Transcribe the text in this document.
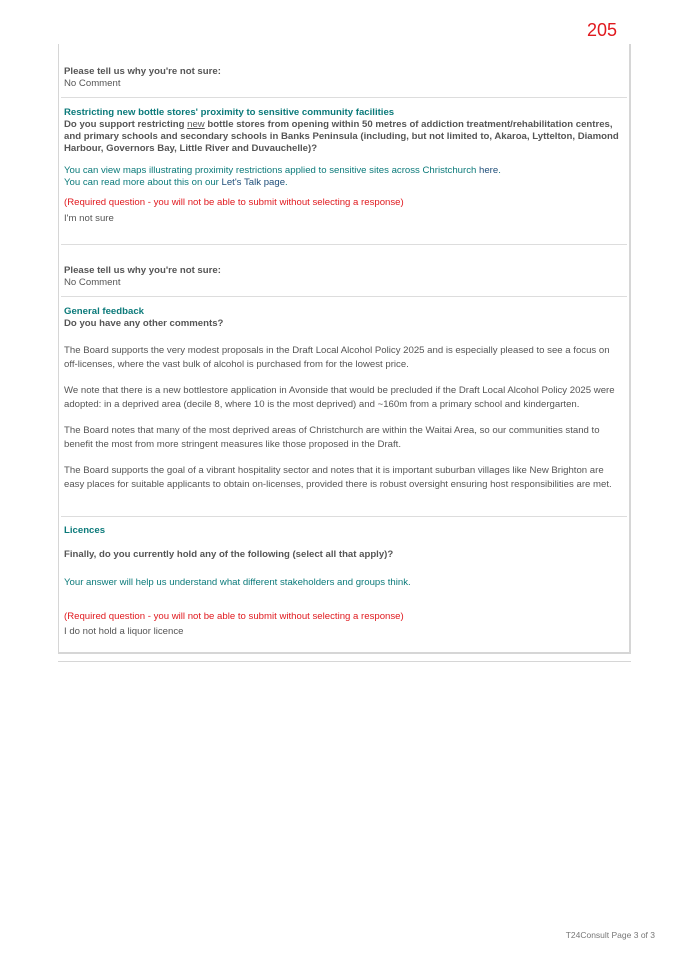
205

Please tell us why you're not sure:

No Comment

Restricting new bottle stores' proximity to sensitive community facilities

Do you support restricting new bottle stores from opening within 50 metres of addiction treatment/rehabilitation centres, and primary schools and secondary schools in Banks Peninsula (including, but not limited to, Akaroa, Lyttelton, Diamond Harbour, Governors Bay, Little River and Duvauchelle)?

You can view maps illustrating proximity restrictions applied to sensitive sites across Christchurch here.

You can read more about this on our Let's Talk page.

(Required question - you will not be able to submit without selecting a response)

I'm not sure

Please tell us why you're not sure:

No Comment

General feedback

Do you have any other comments?

The Board supports the very modest proposals in the Draft Local Alcohol Policy 2025 and is especially pleased to see a focus on off-licenses, where the vast bulk of alcohol is purchased from for the lowest price.

We note that there is a new bottlestore application in Avonside that would be precluded if the Draft Local Alcohol Policy 2025 were adopted: in a deprived area (decile 8, where 10 is the most deprived) and ~160m from a primary school and kindergarten.

The Board notes that many of the most deprived areas of Christchurch are within the Waitai Area, so our communities stand to benefit the most from more stringent measures like those proposed in the Draft.

The Board supports the goal of a vibrant hospitality sector and notes that it is important suburban villages like New Brighton are easy places for suitable applicants to obtain on-licenses, provided there is robust oversight ensuring host responsibilities are met.

Licences

Finally, do you currently hold any of the following (select all that apply)?

Your answer will help us understand what different stakeholders and groups think.

(Required question - you will not be able to submit without selecting a response)

I do not hold a liquor licence

T24Consult Page 3 of 3
